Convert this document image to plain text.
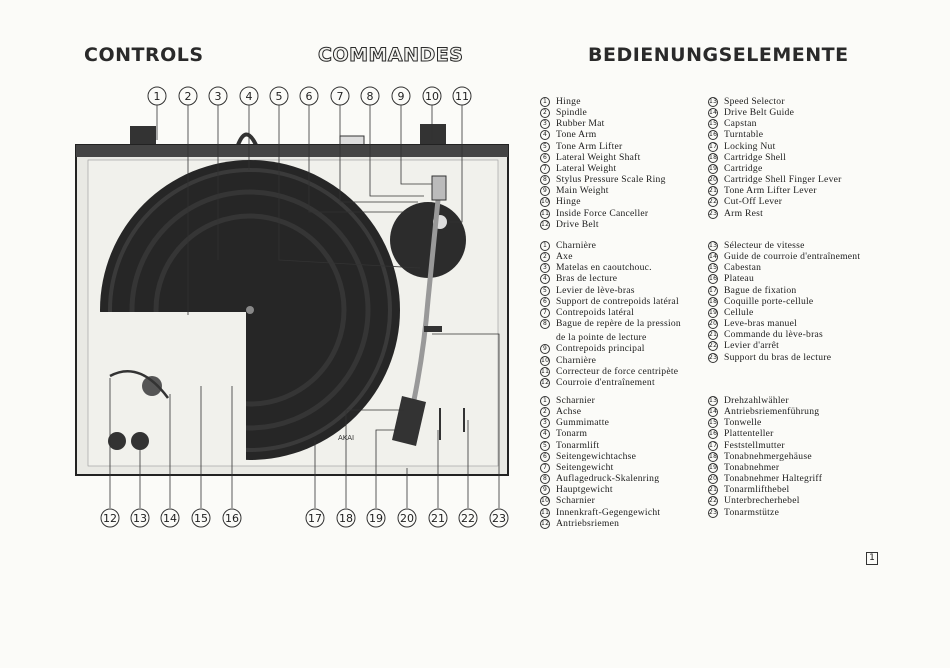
CONTROLS	COMMANDES	BEDIENUNGSELEMENTE
AKAI
1 2 3 4 5 6 7 8 9 10 11
12 13 14 15 16	17 18 19 20 21 22 23
1 Hinge
2 Spindle
3 Rubber Mat
4 Tone Arm
5 Tone Arm Lifter
6 Lateral Weight Shaft
7 Lateral Weight
8 Stylus Pressure Scale Ring
9 Main Weight
10 Hinge
11 Inside Force Canceller
12 Drive Belt
13 Speed Selector
14 Drive Belt Guide
15 Capstan
16 Turntable
17 Locking Nut
18 Cartridge Shell
19 Cartridge
20 Cartridge Shell Finger Lever
21 Tone Arm Lifter Lever
22 Cut-Off Lever
23 Arm Rest
1 Charnière
2 Axe
3 Matelas en caoutchouc.
4 Bras de lecture
5 Levier de lève-bras
6 Support de contrepoids latéral
7 Contrepoids latéral
8 Bague de repère de la pression
de la pointe de lecture
9 Contrepoids principal
10 Charnière
11 Correcteur de force centripète
12 Courroie d'entraînement
13 Sélecteur de vitesse
14 Guide de courroie d'entraînement
15 Cabestan
16 Plateau
17 Bague de fixation
18 Coquille porte-cellule
19 Cellule
20 Leve-bras manuel
21 Commande du lève-bras
22 Levier d'arrêt
23 Support du bras de lecture
1 Scharnier
2 Achse
3 Gummimatte
4 Tonarm
5 Tonarmlift
6 Seitengewichtachse
7 Seitengewicht
8 Auflagedruck-Skalenring
9 Hauptgewicht
10 Scharnier
11 Innenkraft-Gegengewicht
12 Antriebsriemen
13 Drehzahlwähler
14 Antriebsriemenführung
15 Tonwelle
16 Plattenteller
17 Feststellmutter
18 Tonabnehmergehäuse
19 Tonabnehmer
20 Tonabnehmer Haltegriff
21 Tonarmlifthebel
22 Unterbrecherhebel
23 Tonarmstütze
1
